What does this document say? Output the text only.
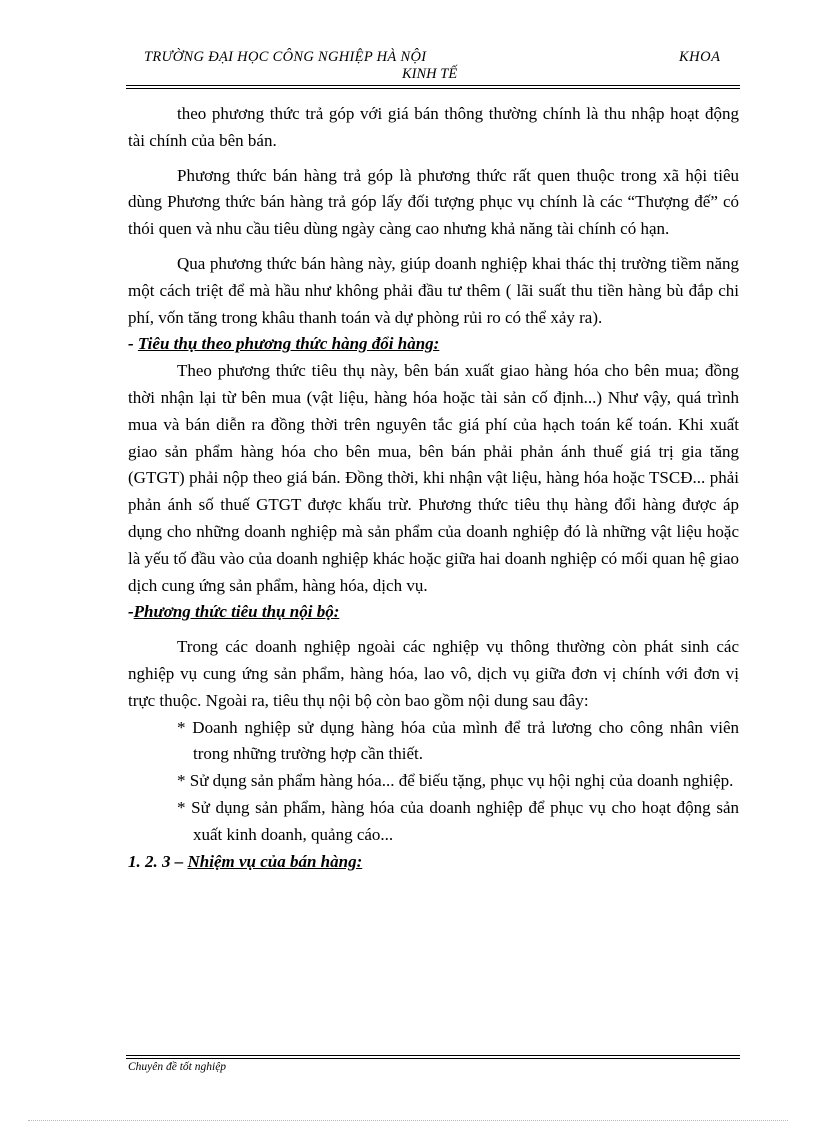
TRƯỜNG ĐẠI HỌC CÔNG NGHIỆP HÀ NỘI	KHOA
KINH TẾ

theo phương thức trả góp với giá bán thông thường chính là thu nhập hoạt động tài chính của bên bán.

Phương thức bán hàng trả góp là phương thức rất quen thuộc trong xã hội tiêu dùng Phương thức bán hàng trả góp lấy đối tượng phục vụ chính là các “Thượng đế” có thói quen và nhu cầu tiêu dùng ngày càng cao nhưng khả năng tài chính có hạn.

Qua phương thức bán hàng này, giúp doanh nghiệp khai thác thị trường tiềm năng một cách triệt để mà hầu như không phải đầu tư thêm ( lãi suất thu tiền hàng bù đắp chi phí, vốn tăng trong khâu thanh toán và dự phòng rủi ro có thể xảy ra).

- Tiêu thụ theo phương thức hàng đổi hàng:

Theo phương thức tiêu thụ này, bên bán xuất giao hàng hóa cho bên mua; đồng thời nhận lại từ bên mua (vật liệu, hàng hóa hoặc tài sản cố định...) Như vậy, quá trình mua và bán diễn ra đồng thời trên nguyên tắc giá phí của hạch toán kế toán. Khi xuất giao sản phẩm hàng hóa cho bên mua, bên bán phải phản ánh thuế giá trị gia tăng (GTGT) phải nộp theo giá bán. Đồng thời, khi nhận vật liệu, hàng hóa hoặc TSCĐ... phải phản ánh số thuế GTGT được khấu trừ. Phương thức tiêu thụ hàng đổi hàng được áp dụng cho những doanh nghiệp mà sản phẩm của doanh nghiệp đó là những vật liệu hoặc là yếu tố đầu vào của doanh nghiệp khác hoặc giữa hai doanh nghiệp có mối quan hệ giao dịch cung ứng sản phẩm, hàng hóa, dịch vụ.

-Phương thức tiêu thụ nội bộ:

Trong các doanh nghiệp ngoài các nghiệp vụ thông thường còn phát sinh các nghiệp vụ cung ứng sản phẩm, hàng hóa, lao vô, dịch vụ giữa đơn vị chính với đơn vị trực thuộc. Ngoài ra, tiêu thụ nội bộ còn bao gồm nội dung sau đây:

* Doanh nghiệp sử dụng hàng hóa của mình để trả lương cho công nhân viên trong những trường hợp cần thiết.

* Sử dụng sản phẩm hàng hóa... để biếu tặng, phục vụ hội nghị của doanh nghiệp.

* Sử dụng sản phẩm, hàng hóa của doanh nghiệp để phục vụ cho hoạt động sản xuất kinh doanh, quảng cáo...

1. 2. 3 – Nhiệm vụ của bán hàng:

Chuyên đề tốt nghiệp
